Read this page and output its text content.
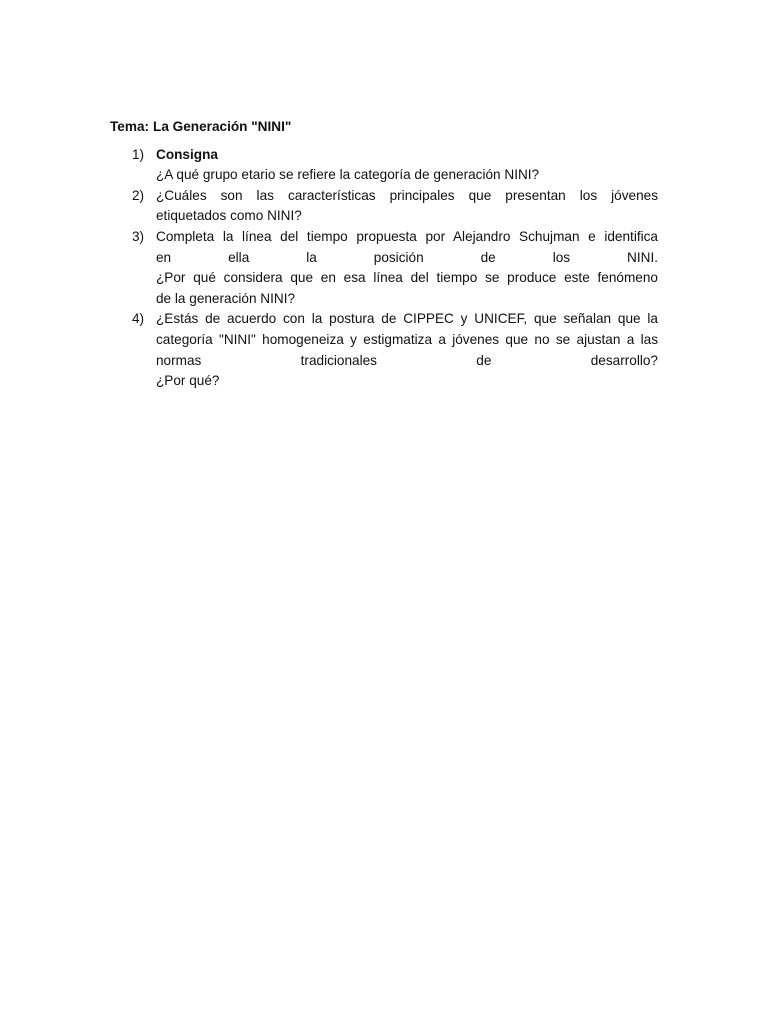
Tema: La Generación "NINI"
1) Consigna
¿A qué grupo etario se refiere la categoría de generación NINI?
2) ¿Cuáles son las características principales que presentan los jóvenes
etiquetados como NINI?
3) Completa la línea del tiempo propuesta por Alejandro Schujman e identifica
en ella la posición de los NINI.
¿Por qué considera que en esa línea del tiempo se produce este fenómeno
de la generación NINI?
4) ¿Estás de acuerdo con la postura de CIPPEC y UNICEF, que señalan que la
categoría "NINI" homogeneiza y estigmatiza a jóvenes que no se ajustan a las
normas tradicionales de desarrollo?
¿Por qué?
